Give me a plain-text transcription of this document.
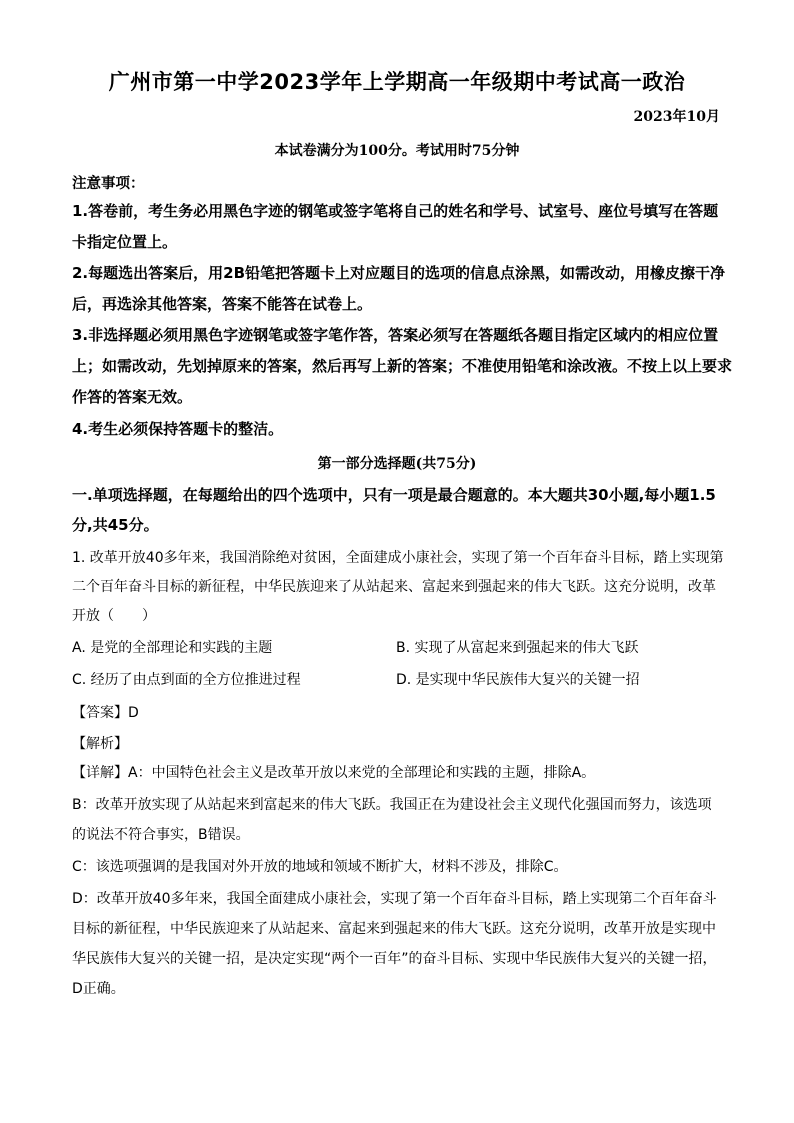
广州市第一中学2023学年上学期高一年级期中考试高一政治
2023年10月
本试卷满分为100分。考试用时75分钟
注意事项：

1.答卷前，考生务必用黑色字迹的钢笔或签字笔将自己的姓名和学号、试室号、座位号填写在答题卡指定位置上。

2.每题选出答案后，用2B铅笔把答题卡上对应题目的选项的信息点涂黑，如需改动，用橡皮擦干净后，再选涂其他答案，答案不能答在试卷上。

3.非选择题必须用黑色字迹钢笔或签字笔作答，答案必须写在答题纸各题目指定区域内的相应位置上；如需改动，先划掉原来的答案，然后再写上新的答案；不准使用铅笔和涂改液。不按上以上要求作答的答案无效。

4.考生必须保持答题卡的整洁。

第一部分选择题(共75分)

一.单项选择题，在每题给出的四个选项中，只有一项是最合题意的。本大题共30小题,每小题1.5分,共45分。

1. 改革开放40多年来，我国消除绝对贫困，全面建成小康社会，实现了第一个百年奋斗目标，踏上实现第二个百年奋斗目标的新征程，中华民族迎来了从站起来、富起来到强起来的伟大飞跃。这充分说明，改革开放（　　）

A. 是党的全部理论和实践的主题	B. 实现了从富起来到强起来的伟大飞跃
C. 经历了由点到面的全方位推进过程	D. 是实现中华民族伟大复兴的关键一招
【答案】D
【解析】

【详解】A：中国特色社会主义是改革开放以来党的全部理论和实践的主题，排除A。

B：改革开放实现了从站起来到富起来的伟大飞跃。我国正在为建设社会主义现代化强国而努力，该选项的说法不符合事实，B错误。

C：该选项强调的是我国对外开放的地域和领域不断扩大，材料不涉及，排除C。

D：改革开放40多年来，我国全面建成小康社会，实现了第一个百年奋斗目标，踏上实现第二个百年奋斗目标的新征程，中华民族迎来了从站起来、富起来到强起来的伟大飞跃。这充分说明，改革开放是实现中华民族伟大复兴的关键一招，是决定实现“两个一百年”的奋斗目标、实现中华民族伟大复兴的关键一招，D正确。
